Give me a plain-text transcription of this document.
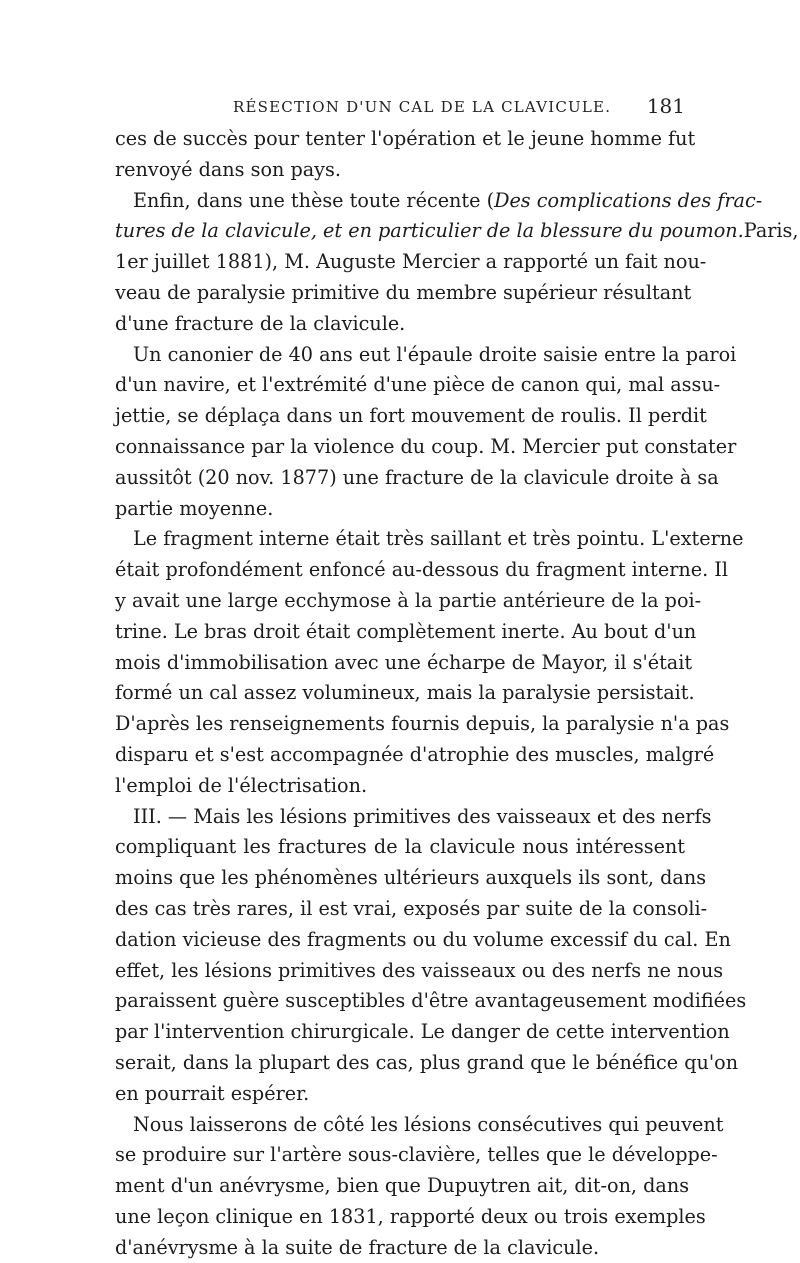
RÉSECTION D'UN CAL DE LA CLAVICULE. 181
ces de succès pour tenter l'opération et le jeune homme fut
renvoyé dans son pays.
Enfin, dans une thèse toute récente (Des complications des frac-
tures de la clavicule, et en particulier de la blessure du poumon.Paris,
1er juillet 1881), M. Auguste Mercier a rapporté un fait nou-
veau de paralysie primitive du membre supérieur résultant
d'une fracture de la clavicule.
Un canonier de 40 ans eut l'épaule droite saisie entre la paroi
d'un navire, et l'extrémité d'une pièce de canon qui, mal assu-
jettie, se déplaça dans un fort mouvement de roulis. Il perdit
connaissance par la violence du coup. M. Mercier put constater
aussitôt (20 nov. 1877) une fracture de la clavicule droite à sa
partie moyenne.
Le fragment interne était très saillant et très pointu. L'externe
était profondément enfoncé au-dessous du fragment interne. Il
y avait une large ecchymose à la partie antérieure de la poi-
trine. Le bras droit était complètement inerte. Au bout d'un
mois d'immobilisation avec une écharpe de Mayor, il s'était
formé un cal assez volumineux, mais la paralysie persistait.
D'après les renseignements fournis depuis, la paralysie n'a pas
disparu et s'est accompagnée d'atrophie des muscles, malgré
l'emploi de l'électrisation.
III. — Mais les lésions primitives des vaisseaux et des nerfs
compliquant les fractures de la clavicule nous intéressent
moins que les phénomènes ultérieurs auxquels ils sont, dans
des cas très rares, il est vrai, exposés par suite de la consoli-
dation vicieuse des fragments ou du volume excessif du cal. En
effet, les lésions primitives des vaisseaux ou des nerfs ne nous
paraissent guère susceptibles d'être avantageusement modifiées
par l'intervention chirurgicale. Le danger de cette intervention
serait, dans la plupart des cas, plus grand que le bénéfice qu'on
en pourrait espérer.
Nous laisserons de côté les lésions consécutives qui peuvent
se produire sur l'artère sous-clavière, telles que le développe-
ment d'un anévrysme, bien que Dupuytren ait, dit-on, dans
une leçon clinique en 1831, rapporté deux ou trois exemples
d'anévrysme à la suite de fracture de la clavicule.
